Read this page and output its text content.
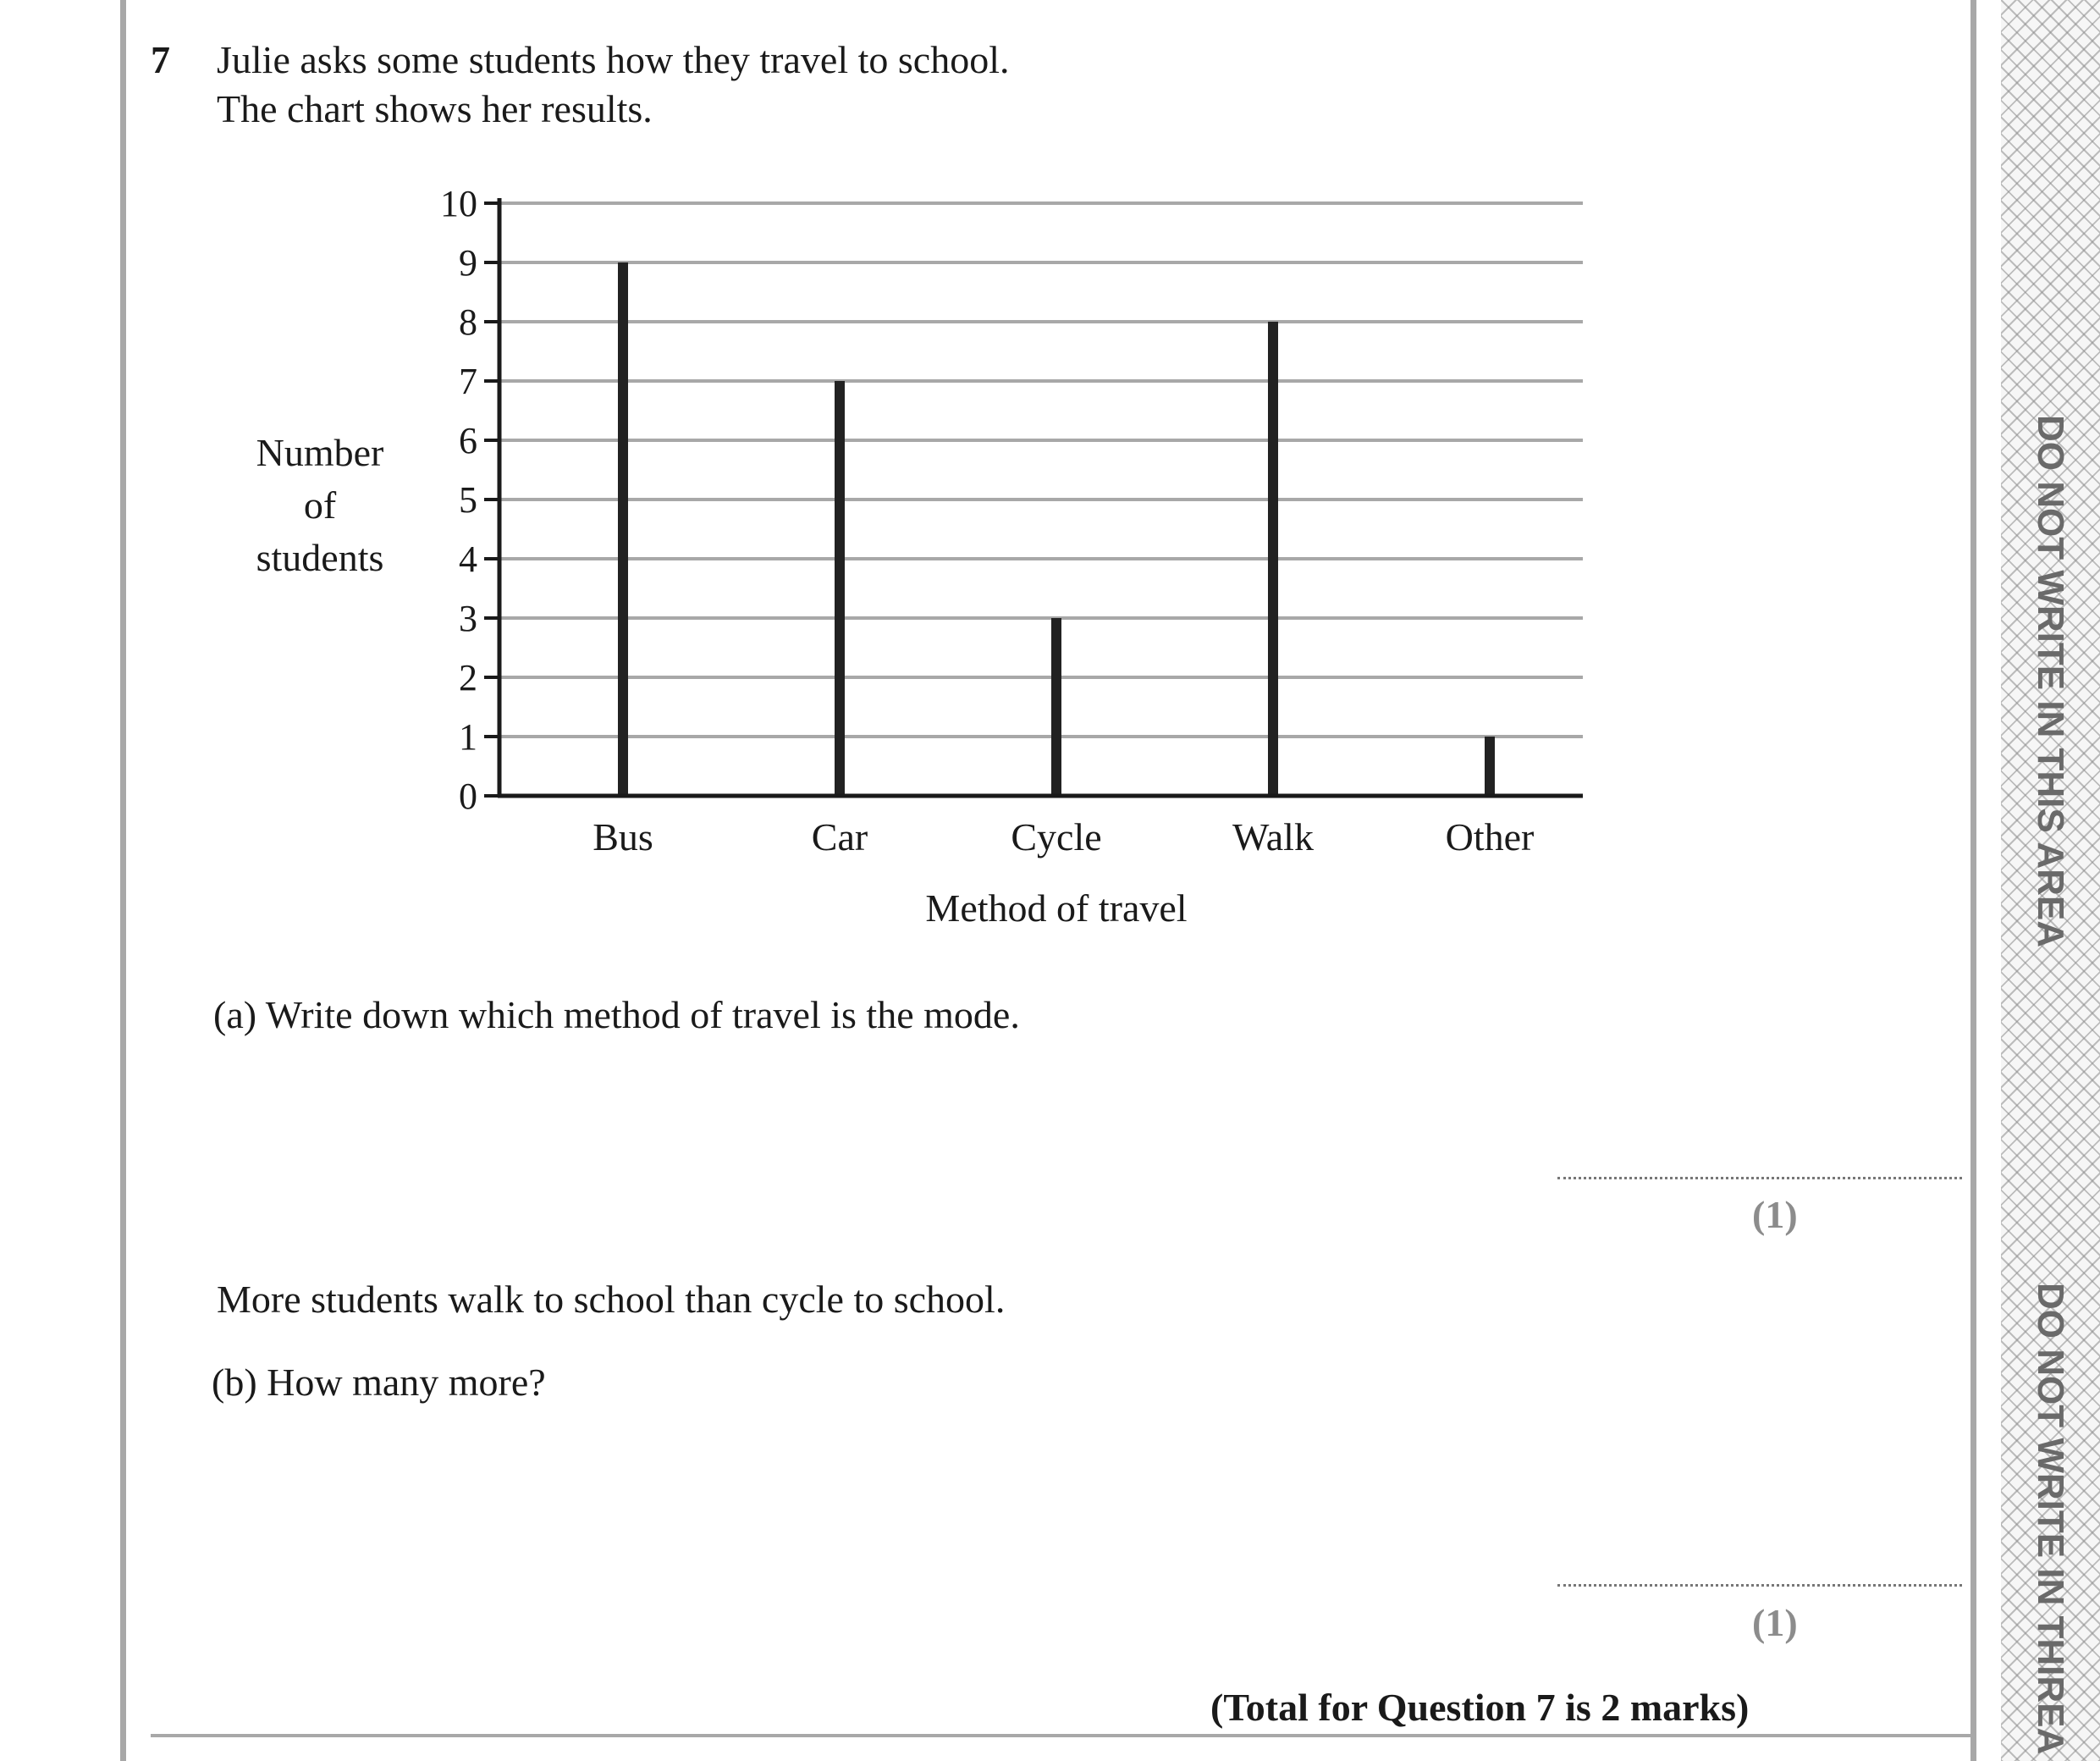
7 Julie asks some students how they travel to school.
The chart shows her results.
0
1
2
3
4
5
6
7
8
9
10
Bus	Car	Cycle	Walk	Other
Method of travel
Number
of
students
(a) Write down which method of travel is the mode.
(1)
More students walk to school than cycle to school.
(b) How many more?
(1)
(Total for Question 7 is 2 marks)
